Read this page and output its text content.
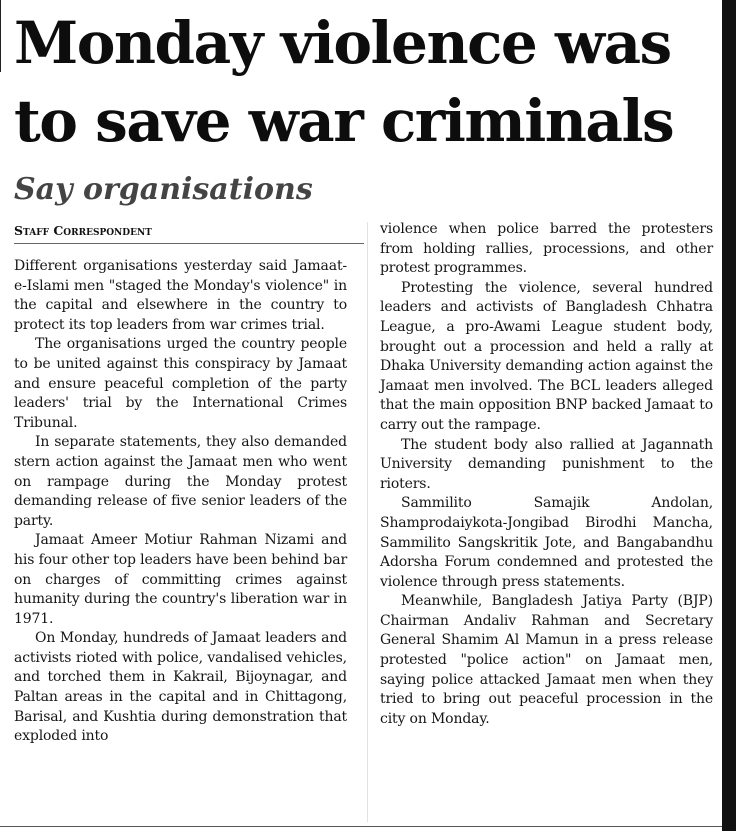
Monday violence was
to save war criminals
Say organisations
Staff Correspondent

Different organisations yesterday said Jamaat-e-Islami men "staged the Monday's violence" in the capital and elsewhere in the country to protect its top leaders from war crimes trial.

The organisations urged the country people to be united against this conspiracy by Jamaat and ensure peaceful completion of the party leaders' trial by the International Crimes Tribunal.

In separate statements, they also demanded stern action against the Jamaat men who went on rampage during the Monday protest demanding release of five senior leaders of the party.

Jamaat Ameer Motiur Rahman Nizami and his four other top leaders have been behind bar on charges of committing crimes against humanity during the country's liberation war in 1971.

On Monday, hundreds of Jamaat leaders and activists rioted with police, vandalised vehicles, and torched them in Kakrail, Bijoynagar, and Paltan areas in the capital and in Chittagong, Barisal, and Kushtia during demonstration that exploded into

violence when police barred the protesters from holding rallies, processions, and other protest programmes.

Protesting the violence, several hundred leaders and activists of Bangladesh Chhatra League, a pro-Awami League student body, brought out a procession and held a rally at Dhaka University demanding action against the Jamaat men involved. The BCL leaders alleged that the main opposition BNP backed Jamaat to carry out the rampage.

The student body also rallied at Jagannath University demanding punishment to the rioters.

Sammilito Samajik Andolan, Shamprodaiykota-Jongibad Birodhi Mancha, Sammilito Sangskritik Jote, and Bangabandhu Adorsha Forum condemned and protested the violence through press statements.

Meanwhile, Bangladesh Jatiya Party (BJP) Chairman Andaliv Rahman and Secretary General Shamim Al Mamun in a press release protested "police action" on Jamaat men, saying police attacked Jamaat men when they tried to bring out peaceful procession in the city on Monday.
